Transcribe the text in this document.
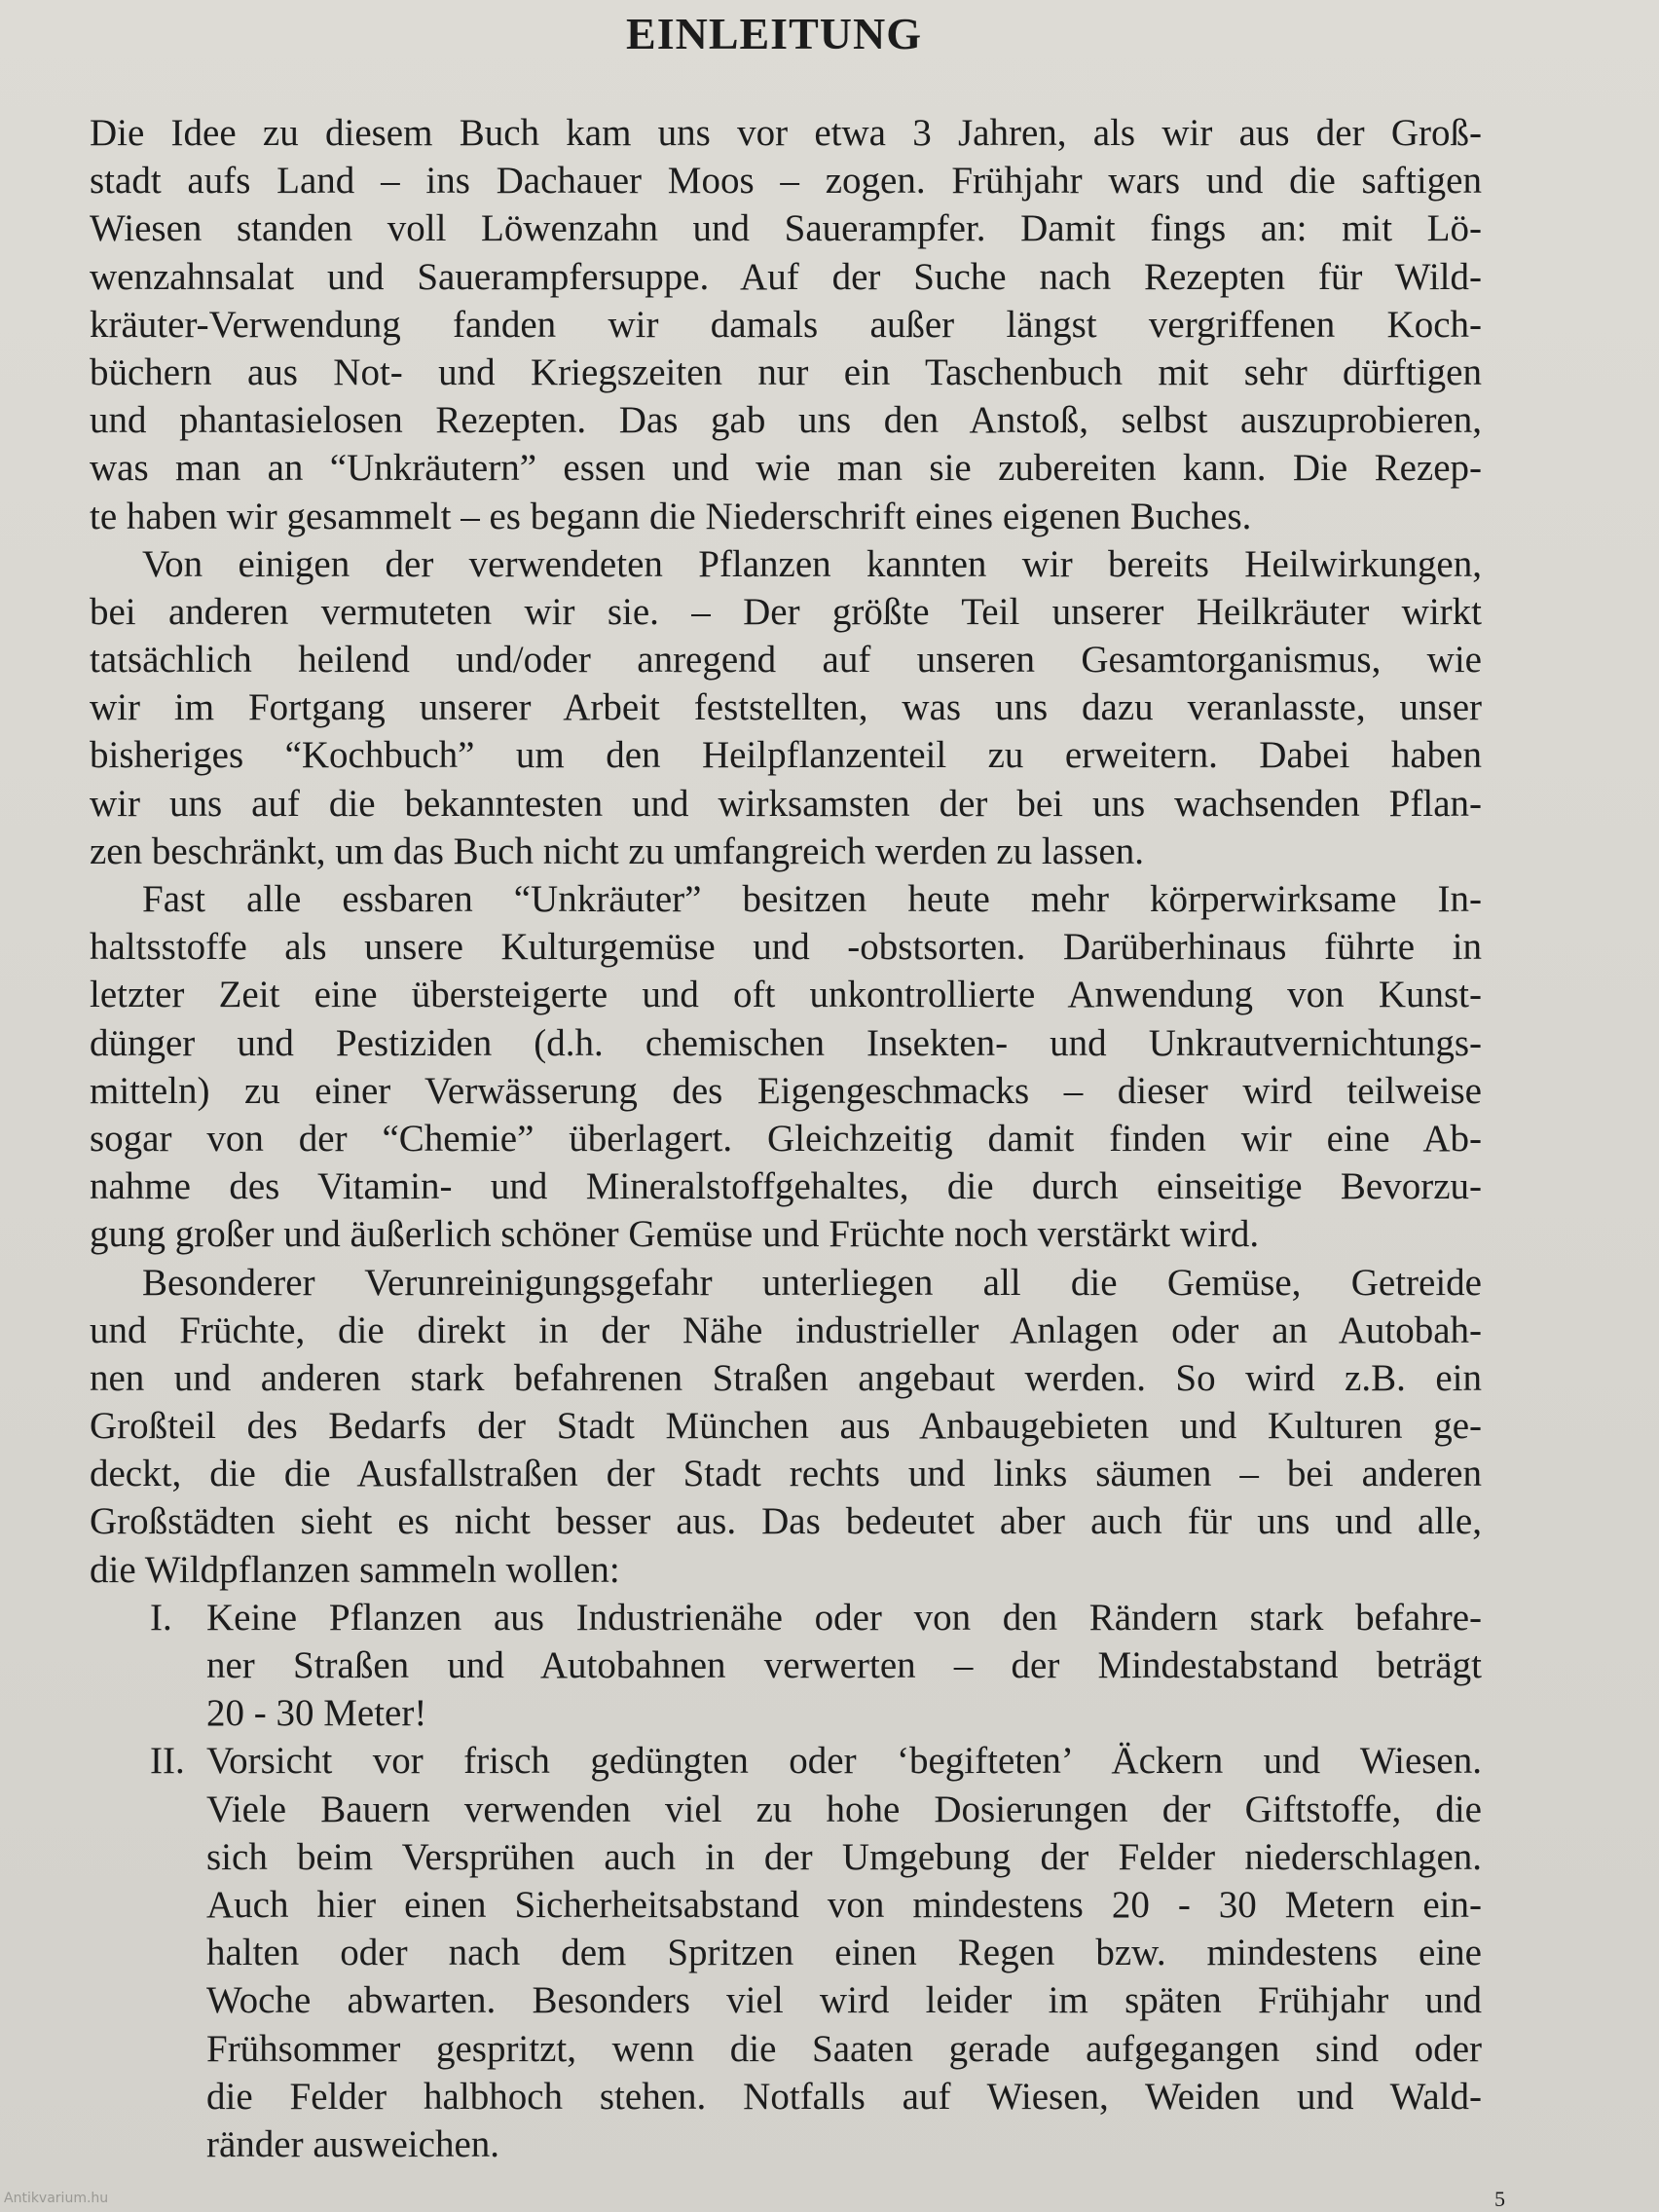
EINLEITUNG
Die Idee zu diesem Buch kam uns vor etwa 3 Jahren, als wir aus der Groß-
stadt aufs Land – ins Dachauer Moos – zogen. Frühjahr wars und die saftigen
Wiesen standen voll Löwenzahn und Sauerampfer. Damit fings an: mit Lö-
wenzahnsalat und Sauerampfersuppe. Auf der Suche nach Rezepten für Wild-
kräuter-Verwendung fanden wir damals außer längst vergriffenen Koch-
büchern aus Not- und Kriegszeiten nur ein Taschenbuch mit sehr dürftigen
und phantasielosen Rezepten. Das gab uns den Anstoß, selbst auszuprobieren,
was man an “Unkräutern” essen und wie man sie zubereiten kann. Die Rezep-
te haben wir gesammelt – es begann die Niederschrift eines eigenen Buches.
Von einigen der verwendeten Pflanzen kannten wir bereits Heilwirkungen,
bei anderen vermuteten wir sie. – Der größte Teil unserer Heilkräuter wirkt
tatsächlich heilend und/oder anregend auf unseren Gesamtorganismus, wie
wir im Fortgang unserer Arbeit feststellten, was uns dazu veranlasste, unser
bisheriges “Kochbuch” um den Heilpflanzenteil zu erweitern. Dabei haben
wir uns auf die bekanntesten und wirksamsten der bei uns wachsenden Pflan-
zen beschränkt, um das Buch nicht zu umfangreich werden zu lassen.
Fast alle essbaren “Unkräuter” besitzen heute mehr körperwirksame In-
haltsstoffe als unsere Kulturgemüse und -obstsorten. Darüberhinaus führte in
letzter Zeit eine übersteigerte und oft unkontrollierte Anwendung von Kunst-
dünger und Pestiziden (d.h. chemischen Insekten- und Unkrautvernichtungs-
mitteln) zu einer Verwässerung des Eigengeschmacks – dieser wird teilweise
sogar von der “Chemie” überlagert. Gleichzeitig damit finden wir eine Ab-
nahme des Vitamin- und Mineralstoffgehaltes, die durch einseitige Bevorzu-
gung großer und äußerlich schöner Gemüse und Früchte noch verstärkt wird.
Besonderer Verunreinigungsgefahr unterliegen all die Gemüse, Getreide
und Früchte, die direkt in der Nähe industrieller Anlagen oder an Autobah-
nen und anderen stark befahrenen Straßen angebaut werden. So wird z.B. ein
Großteil des Bedarfs der Stadt München aus Anbaugebieten und Kulturen ge-
deckt, die die Ausfallstraßen der Stadt rechts und links säumen – bei anderen
Großstädten sieht es nicht besser aus. Das bedeutet aber auch für uns und alle,
die Wildpflanzen sammeln wollen:
I. Keine Pflanzen aus Industrienähe oder von den Rändern stark befahre-
ner Straßen und Autobahnen verwerten – der Mindestabstand beträgt
20 - 30 Meter!
II. Vorsicht vor frisch gedüngten oder ‘begifteten’ Äckern und Wiesen.
Viele Bauern verwenden viel zu hohe Dosierungen der Giftstoffe, die
sich beim Versprühen auch in der Umgebung der Felder niederschlagen.
Auch hier einen Sicherheitsabstand von mindestens 20 - 30 Metern ein-
halten oder nach dem Spritzen einen Regen bzw. mindestens eine
Woche abwarten. Besonders viel wird leider im späten Frühjahr und
Frühsommer gespritzt, wenn die Saaten gerade aufgegangen sind oder
die Felder halbhoch stehen. Notfalls auf Wiesen, Weiden und Wald-
ränder ausweichen.
5
Antikvarium.hu
